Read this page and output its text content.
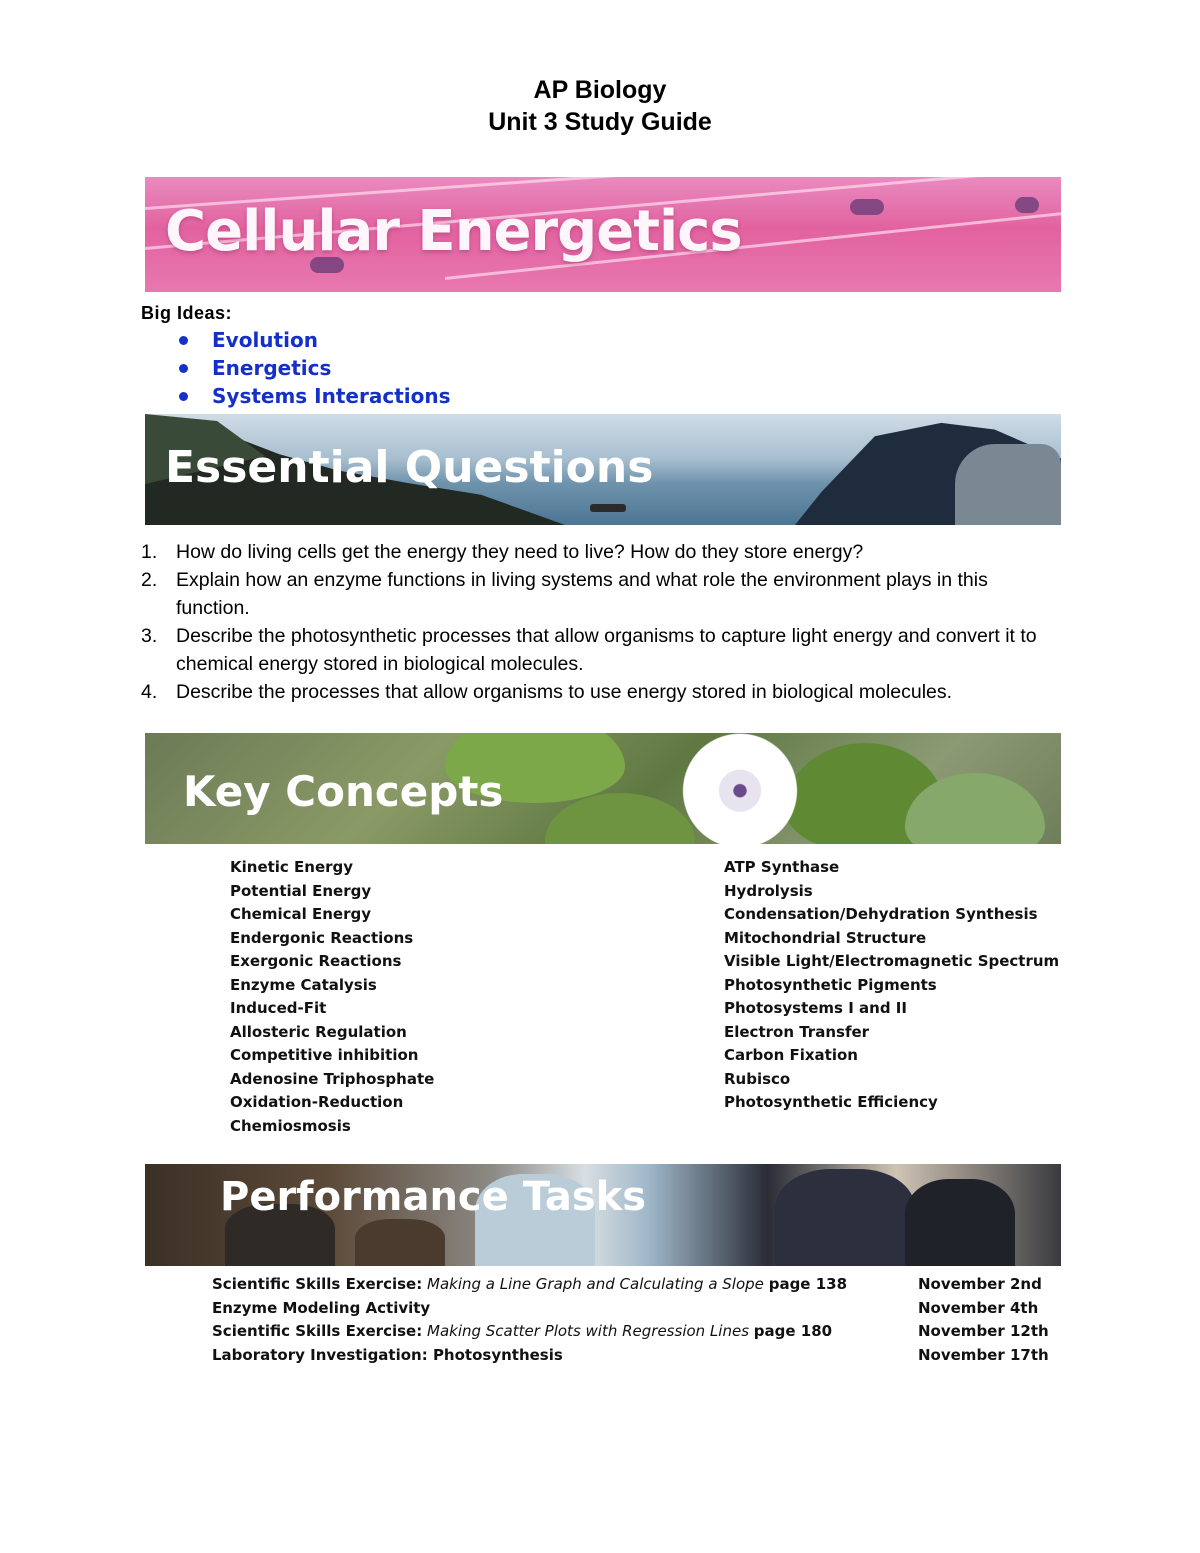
AP Biology
Unit 3 Study Guide
Cellular Energetics
Big Ideas:
Evolution
Energetics
Systems Interactions
Essential Questions
1. How do living cells get the energy they need to live? How do they store energy?
2. Explain how an enzyme functions in living systems and what role the environment plays in this function.
3. Describe the photosynthetic processes that allow organisms to capture light energy and convert it to chemical energy stored in biological molecules.
4. Describe the processes that allow organisms to use energy stored in biological molecules.
Key Concepts
Kinetic Energy
Potential Energy
Chemical Energy
Endergonic Reactions
Exergonic Reactions
Enzyme Catalysis
Induced-Fit
Allosteric Regulation
Competitive inhibition
Adenosine Triphosphate
Oxidation-Reduction
Chemiosmosis
ATP Synthase
Hydrolysis
Condensation/Dehydration Synthesis
Mitochondrial Structure
Visible Light/Electromagnetic Spectrum
Photosynthetic Pigments
Photosystems I and II
Electron Transfer
Carbon Fixation
Rubisco
Photosynthetic Efficiency
Performance Tasks
Scientific Skills Exercise: Making a Line Graph and Calculating a Slope page 138	November 2nd
Enzyme Modeling Activity	November 4th
Scientific Skills Exercise: Making Scatter Plots with Regression Lines page 180	November 12th
Laboratory Investigation: Photosynthesis	November 17th
